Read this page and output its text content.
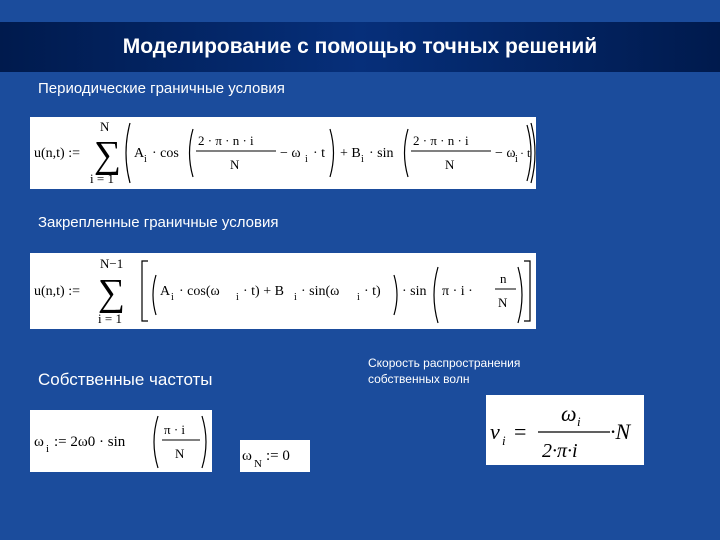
Моделирование с помощью точных решений
Периодические граничные условия
u(n,t) :=
N
∑
i = 1
A i · cos
2 · π · n · i
N
− ω i · t + B i · sin
2 · π · n · i
N
− ω i · t
Закрепленные граничные условия
u(n,t) :=
N−1
∑
i = 1
A i · cos(ω i · t) + B i · sin(ω i · t) · sin π · i ·
n
N
Собственные частоты
Скорость распространения
собственных волн
ω i := 2ω0 · sin
π · i
N	ω N := 0
v i =
ω i
2·π·i
·N
